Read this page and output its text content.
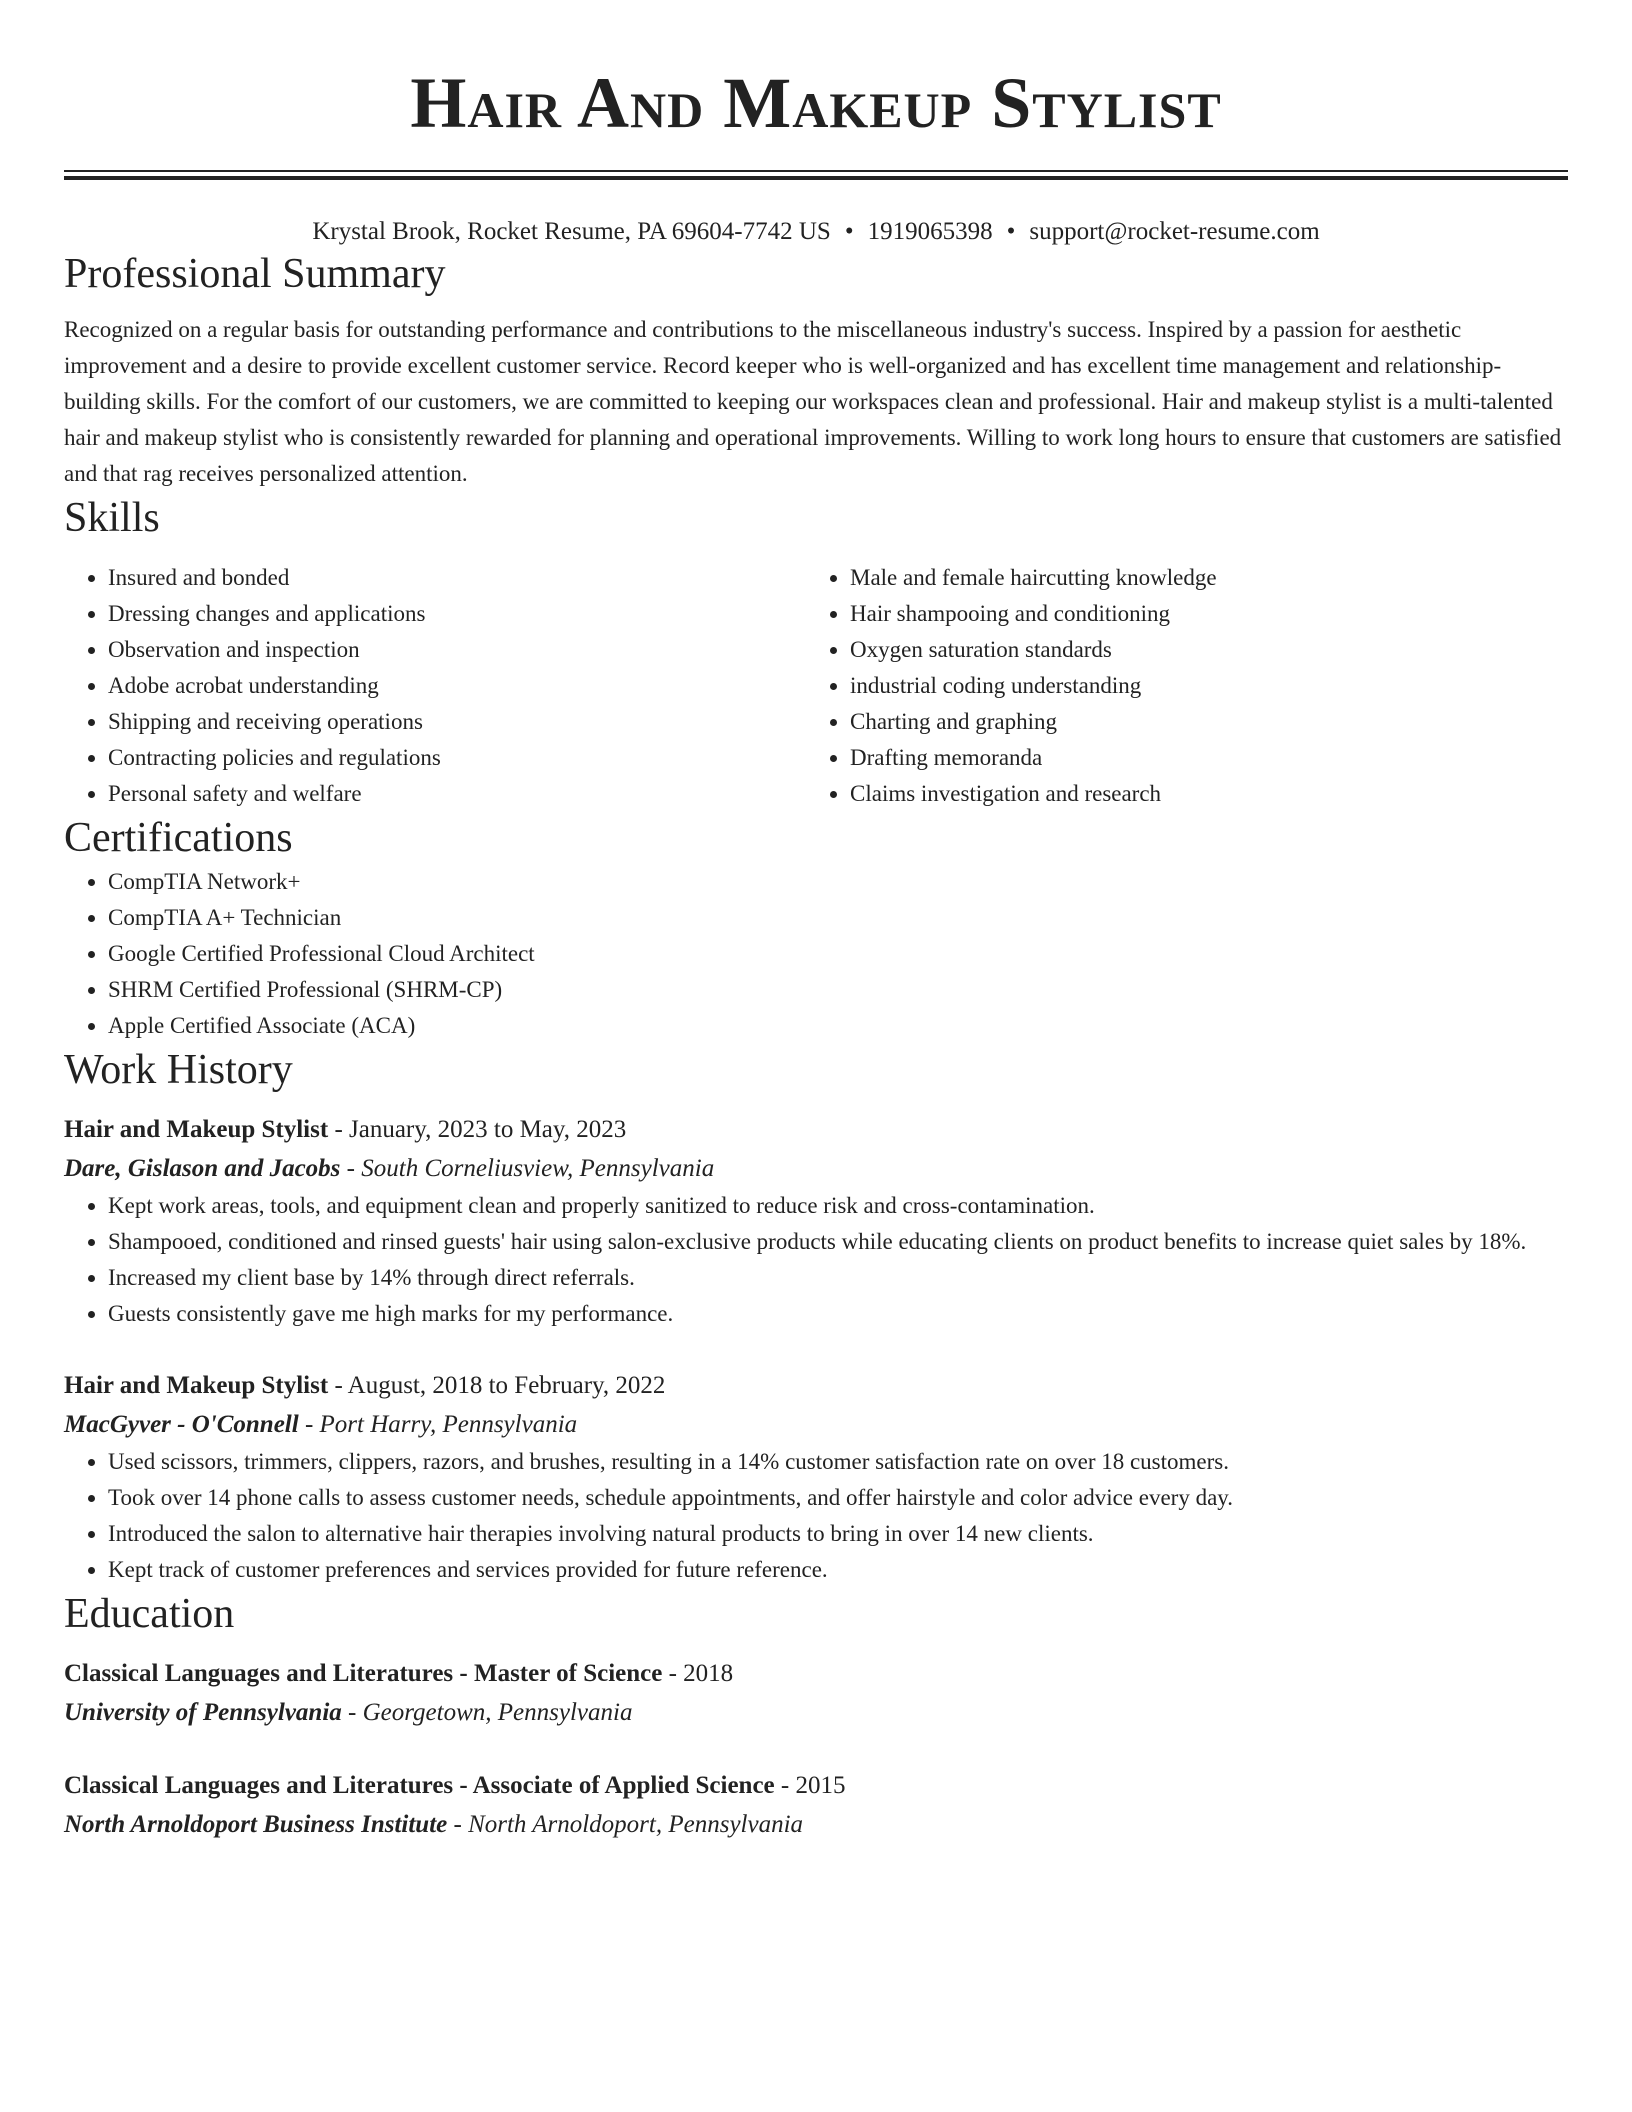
Hair And Makeup Stylist
Krystal Brook, Rocket Resume, PA 69604-7742 US • 1919065398 • support@rocket-resume.com
Professional Summary

Recognized on a regular basis for outstanding performance and contributions to the miscellaneous industry's success. Inspired by a passion for aesthetic improvement and a desire to provide excellent customer service. Record keeper who is well-organized and has excellent time management and relationship-building skills. For the comfort of our customers, we are committed to keeping our workspaces clean and professional. Hair and makeup stylist is a multi-talented hair and makeup stylist who is consistently rewarded for planning and operational improvements. Willing to work long hours to ensure that customers are satisfied and that rag receives personalized attention.

Skills
• Insured and bonded
• Dressing changes and applications
• Observation and inspection
• Adobe acrobat understanding
• Shipping and receiving operations
• Contracting policies and regulations
• Personal safety and welfare
• Male and female haircutting knowledge
• Hair shampooing and conditioning
• Oxygen saturation standards
• industrial coding understanding
• Charting and graphing
• Drafting memoranda
• Claims investigation and research
Certifications
• CompTIA Network+
• CompTIA A+ Technician
• Google Certified Professional Cloud Architect
• SHRM Certified Professional (SHRM-CP)
• Apple Certified Associate (ACA)
Work History
Hair and Makeup Stylist - January, 2023 to May, 2023
Dare, Gislason and Jacobs - South Corneliusview, Pennsylvania
• Kept work areas, tools, and equipment clean and properly sanitized to reduce risk and cross-contamination.
• Shampooed, conditioned and rinsed guests' hair using salon-exclusive products while educating clients on product benefits to increase quiet sales by 18%.
• Increased my client base by 14% through direct referrals.
• Guests consistently gave me high marks for my performance.
Hair and Makeup Stylist - August, 2018 to February, 2022
MacGyver - O'Connell - Port Harry, Pennsylvania
• Used scissors, trimmers, clippers, razors, and brushes, resulting in a 14% customer satisfaction rate on over 18 customers.
• Took over 14 phone calls to assess customer needs, schedule appointments, and offer hairstyle and color advice every day.
• Introduced the salon to alternative hair therapies involving natural products to bring in over 14 new clients.
• Kept track of customer preferences and services provided for future reference.
Education
Classical Languages and Literatures - Master of Science - 2018
University of Pennsylvania - Georgetown, Pennsylvania
Classical Languages and Literatures - Associate of Applied Science - 2015
North Arnoldoport Business Institute - North Arnoldoport, Pennsylvania
